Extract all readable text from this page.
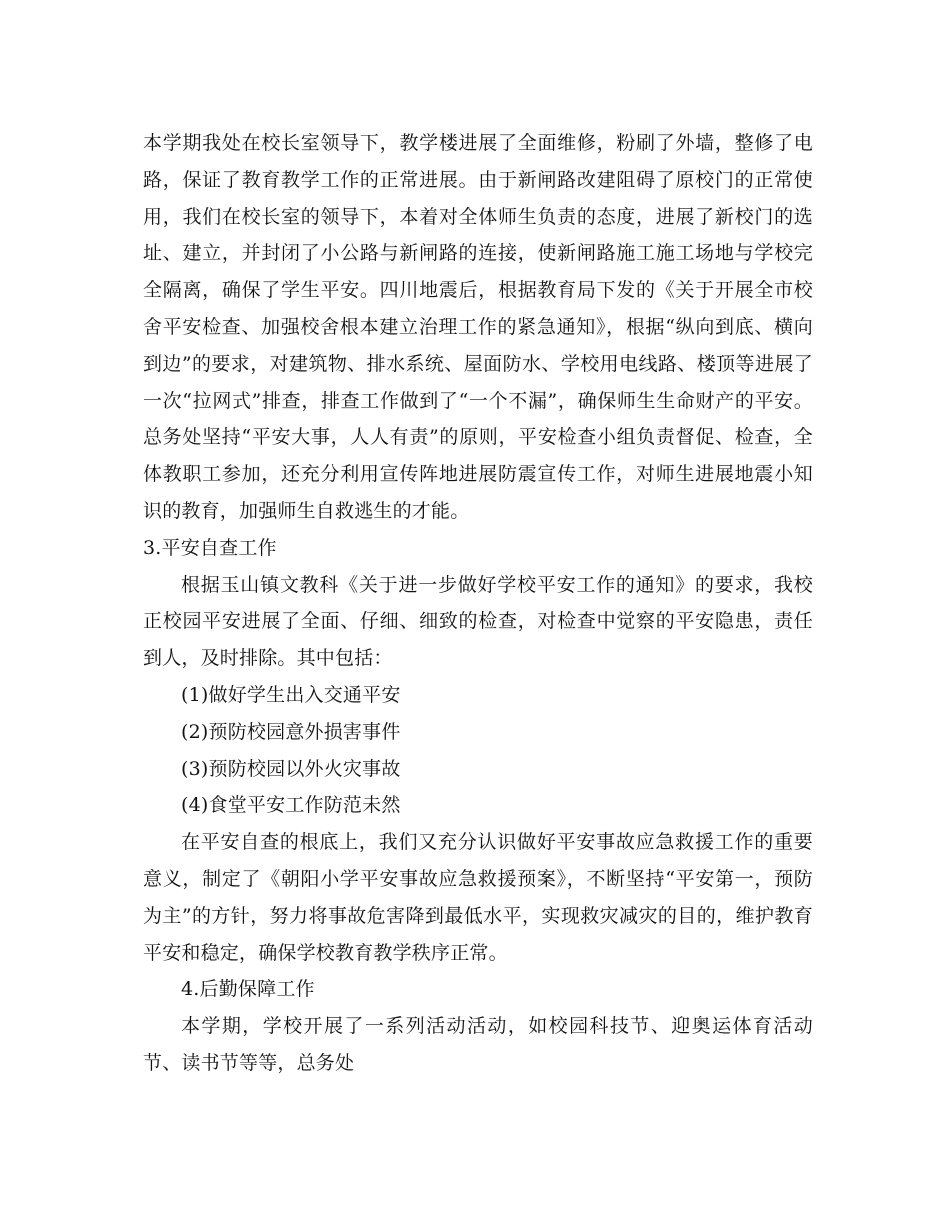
本学期我处在校长室领导下，教学楼进展了全面维修，粉刷了外墙，整修了电路，保证了教育教学工作的正常进展。由于新闸路改建阻碍了原校门的正常使用，我们在校长室的领导下，本着对全体师生负责的态度，进展了新校门的选址、建立，并封闭了小公路与新闸路的连接，使新闸路施工施工场地与学校完全隔离，确保了学生平安。四川地震后，根据教育局下发的《关于开展全市校舍平安检查、加强校舍根本建立治理工作的紧急通知》，根据“纵向到底、横向到边”的要求，对建筑物、排水系统、屋面防水、学校用电线路、楼顶等进展了一次“拉网式”排查，排查工作做到了“一个不漏”，确保师生生命财产的平安。总务处坚持“平安大事，人人有责”的原则，平安检查小组负责督促、检查，全体教职工参加，还充分利用宣传阵地进展防震宣传工作，对师生进展地震小知识的教育，加强师生自救逃生的才能。

3.平安自查工作

根据玉山镇文教科《关于进一步做好学校平安工作的通知》的要求，我校正校园平安进展了全面、仔细、细致的检查，对检查中觉察的平安隐患，责任到人，及时排除。其中包括：

(1)做好学生出入交通平安

(2)预防校园意外损害事件

(3)预防校园以外火灾事故

(4)食堂平安工作防范未然

在平安自查的根底上，我们又充分认识做好平安事故应急救援工作的重要意义，制定了《朝阳小学平安事故应急救援预案》，不断坚持“平安第一，预防为主”的方针，努力将事故危害降到最低水平，实现救灾减灾的目的，维护教育平安和稳定，确保学校教育教学秩序正常。

4.后勤保障工作

本学期，学校开展了一系列活动活动，如校园科技节、迎奥运体育活动节、读书节等等，总务处
